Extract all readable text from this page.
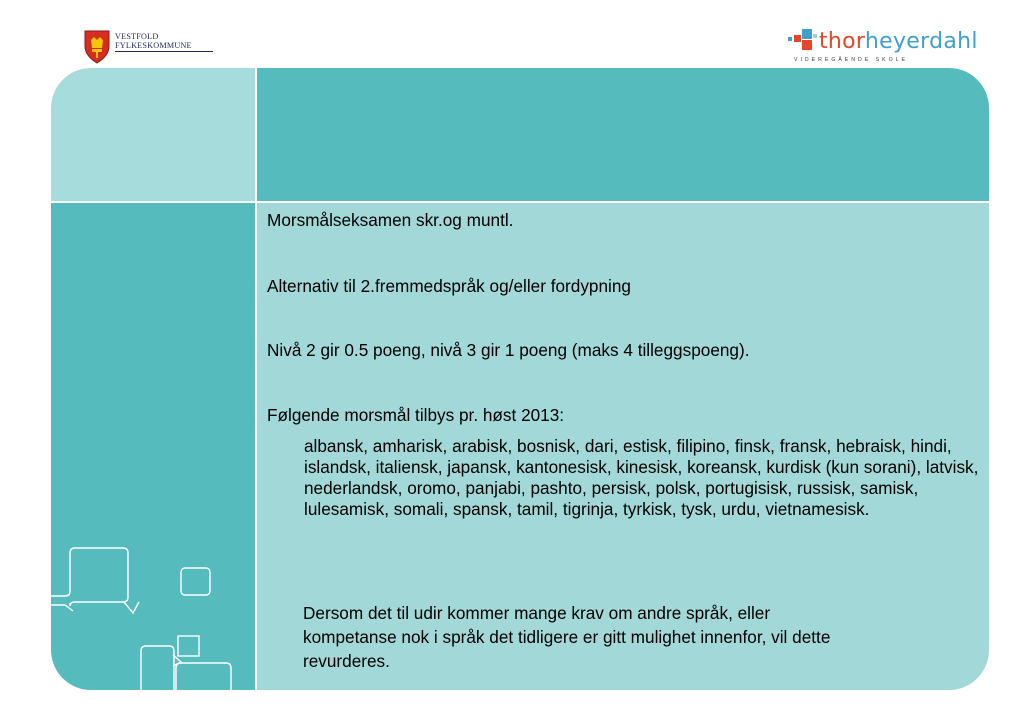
VESTFOLD
FYLKESKOMMUNE	thorheyerdahl
VIDEREGÅENDE SKOLE
Morsmålseksamen skr.og muntl.
Alternativ til 2.fremmedspråk og/eller fordypning
Nivå 2 gir 0.5 poeng, nivå 3 gir 1 poeng (maks 4 tilleggspoeng).
Følgende morsmål tilbys pr. høst 2013:
albansk, amharisk, arabisk, bosnisk, dari, estisk, filipino, finsk, fransk, hebraisk, hindi, islandsk, italiensk, japansk, kantonesisk, kinesisk, koreansk, kurdisk (kun sorani), latvisk, nederlandsk, oromo, panjabi, pashto, persisk, polsk, portugisisk, russisk, samisk, lulesamisk, somali, spansk, tamil, tigrinja, tyrkisk, tysk, urdu, vietnamesisk.
Dersom det til udir kommer mange krav om andre språk, eller
kompetanse nok i språk det tidligere er gitt mulighet innenfor, vil dette
revurderes.
